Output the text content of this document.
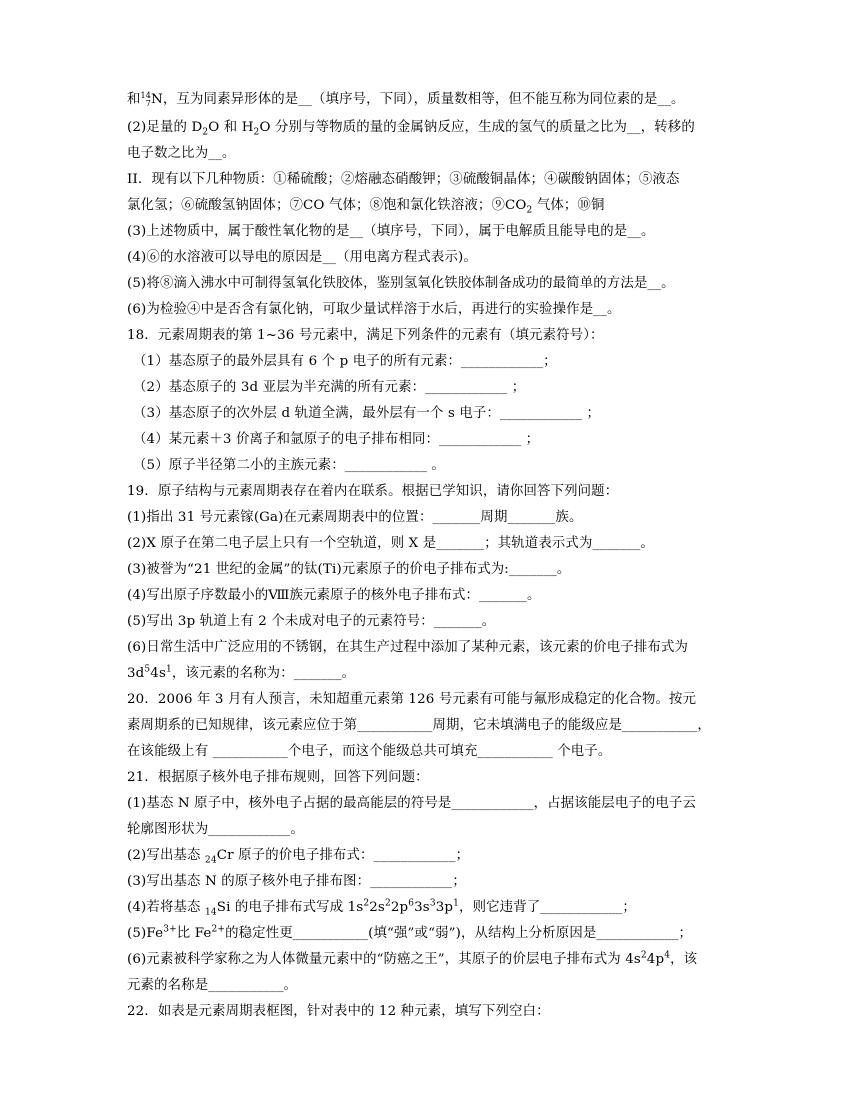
和 14
7 N，互为同素异形体的是__（填序号，下同），质量数相等，但不能互称为同位素的是__。
(2)足量的 $D_2O$ 和 $H_2O$ 分别与等物质的量的金属钠反应，生成的氢气的质量之比为__，转移的
电子数之比为__。
II．现有以下几种物质：①稀硫酸；②熔融态硝酸钾；③硫酸铜晶体；④碳酸钠固体；⑤液态
氯化氢；⑥硫酸氢钠固体；⑦CO 气体；⑧饱和氯化铁溶液；$⑨CO_2$ 气体；⑩铜
(3)上述物质中，属于酸性氧化物的是__（填序号，下同），属于电解质且能导电的是__。
(4)⑥的水溶液可以导电的原因是__（用电离方程式表示)。
(5)将⑧滴入沸水中可制得氢氧化铁胶体，鉴别氢氧化铁胶体制备成功的最简单的方法是__。
(6)为检验④中是否含有氯化钠，可取少量试样溶于水后，再进行的实验操作是__。
18．元素周期表的第 1~36 号元素中，满足下列条件的元素有（填元素符号）：
（1）基态原子的最外层具有 6 个 p 电子的所有元素：____________；
（2）基态原子的 3d 亚层为半充满的所有元素：____________ ；
（3）基态原子的次外层 d 轨道全满，最外层有一个 s 电子：____________ ；
（4）某元素＋3 价离子和氩原子的电子排布相同：____________ ；
（5）原子半径第二小的主族元素：____________ 。
19．原子结构与元素周期表存在着内在联系。根据已学知识，请你回答下列问题：
(1)指出 31 号元素镓(Ga)在元素周期表中的位置：_______周期_______族。
(2)X 原子在第二电子层上只有一个空轨道，则 X 是_______；其轨道表示式为_______。
(3)被誉为“21 世纪的金属”的钛(Ti)元素原子的价电子排布式为:_______。
(4)写出原子序数最小的Ⅷ族元素原子的核外电子排布式：_______。
(5)写出 3p 轨道上有 2 个未成对电子的元素符号：_______。
(6)日常生活中广泛应用的不锈钢，在其生产过程中添加了某种元素，该元素的价电子排布式为
$3d^54s^1$，该元素的名称为：_______。
20．2006 年 3 月有人预言，未知超重元素第 126 号元素有可能与氟形成稳定的化合物。按元
素周期系的已知规律，该元素应位于第___________周期，它未填满电子的能级应是___________，
在该能级上有 ___________个电子，而这个能级总共可填充___________ 个电子。
21．根据原子核外电子排布规则，回答下列问题：
(1)基态 N 原子中，核外电子占据的最高能层的符号是____________，占据该能层电子的电子云
轮廓图形状为____________。
(2)写出基态 $_{24}$Cr 原子的价电子排布式：____________；
(3)写出基态 N 的原子核外电子排布图：____________；
(4)若将基态 $_{14}$Si 的电子排布式写成 $1s^22s^22p^63s^33p^1$，则它违背了____________；
$(5)Fe^{3+}$比 $Fe^{2+}$的稳定性更___________(填“强”或“弱”)，从结构上分析原因是____________；
(6)元素被科学家称之为人体微量元素中的“防癌之王”，其原子的价层电子排布式为 $4s^24p^4$，该
元素的名称是___________。
22．如表是元素周期表框图，针对表中的 12 种元素，填写下列空白：
